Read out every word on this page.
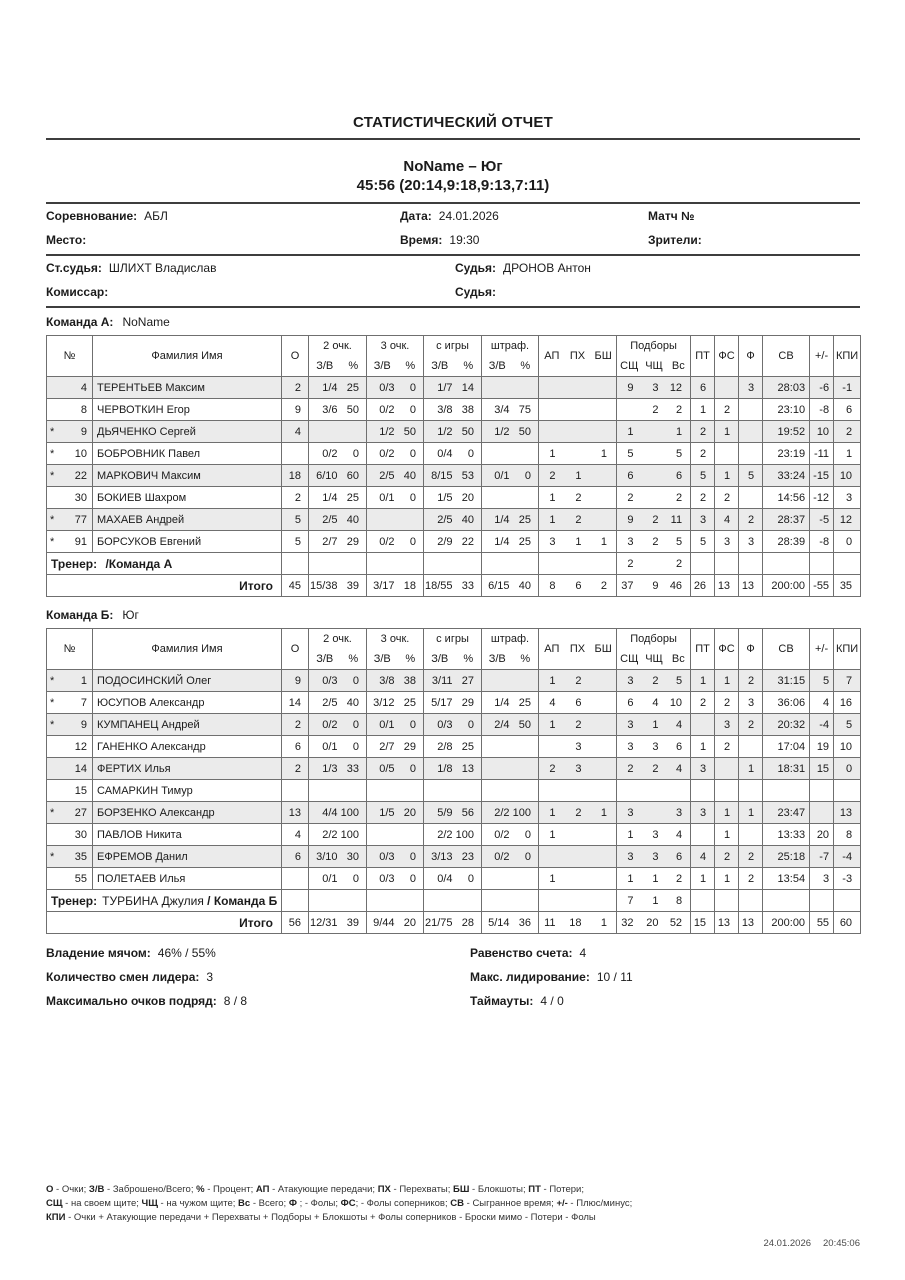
СТАТИСТИЧЕСКИЙ ОТЧЕТ
NoName – Юг
45:56 (20:14,9:18,9:13,7:11)
Соревнование: АБЛ	Дата: 24.01.2026	Матч №
Место:	Время: 19:30	Зрители:
Ст.судья: ШЛИХТ Владислав	Судья: ДРОНОВ Антон
Комиссар:	Судья:
Команда А: NoName
№	Фамилия Имя	О	2 очк.		3 очк.		с игры		штраф.		АП ПХ БШ			Подборы			ПТ	ФС	Ф	СВ	+/-	КПИ
			З/В	%	З/В	%	З/В	%	З/В	%				СЩ	ЧЩ	Вс						

4	ТЕРЕНТЬЕВ Максим	2	1/4	25	0/3	0	1/7	14						9	3	12	6		3	28:03	-6	-1

8	ЧЕРВОТКИН Егор	9	3/6	50	0/2	0	3/8	38	3/4	75					2	2	1	2		23:10	-8	6

* 9	ДЬЯЧЕНКО Сергей	4			1/2	50	1/2	50	1/2	50				1		1	2	1		19:52	10	2

* 10	БОБРОВНИК Павел		0/2	0	0/2	0	0/4	0			1		1	5		5	2			23:19	-11	1

* 22	МАРКОВИЧ Максим	18	6/10	60	2/5	40	8/15	53	0/1	0	2	1		6		6	5	1	5	33:24	-15	10

30	БОКИЕВ Шахром	2	1/4	25	0/1	0	1/5	20			1	2		2		2	2	2		14:56	-12	3

* 77	МАХАЕВ Андрей	5	2/5	40			2/5	40	1/4	25	1	2		9	2	11	3	4	2	28:37	-5	12

* 91	БОРСУКОВ Евгений	5	2/7	29	0/2	0	2/9	22	1/4	25	3	1	1	3	2	5	5	3	3	28:39	-8	0
Тренер: /Команда А														2		2						
Итого		45	15/38	39	3/17	18	18/55	33	6/15	40	8	6	2	37	9	46	26	13	13	200:00	-55	35
Команда Б: Юг
№	Фамилия Имя	О	2 очк.		3 очк.		с игры		штраф.		АП ПХ БШ			Подборы			ПТ	ФС	Ф	СВ	+/-	КПИ
			З/В	%	З/В	%	З/В	%	З/В	%				СЩ	ЧЩ	Вс						

* 1	ПОДОСИНСКИЙ Олег	9	0/3	0	3/8	38	3/11	27			1	2		3	2	5	1	1	2	31:15	5	7

* 7	ЮСУПОВ Александр	14	2/5	40	3/12	25	5/17	29	1/4	25	4	6		6	4	10	2	2	3	36:06	4	16

* 9	КУМПАНЕЦ Андрей	2	0/2	0	0/1	0	0/3	0	2/4	50	1	2		3	1	4		3	2	20:32	-4	5

12	ГАНЕНКО Александр	6	0/1	0	2/7	29	2/8	25				3		3	3	6	1	2		17:04	19	10

14	ФЕРТИХ Илья	2	1/3	33	0/5	0	1/8	13			2	3		2	2	4	3		1	18:31	15	0

15	САМАРКИН Тимур																					

* 27	БОРЗЕНКО Александр	13	4/4	100	1/5	20	5/9	56	2/2	100	1	2	1	3		3	3	1	1	23:47		13

30	ПАВЛОВ Никита	4	2/2	100			2/2	100	0/2	0	1			1	3	4		1		13:33	20	8

* 35	ЕФРЕМОВ Данил	6	3/10	30	0/3	0	3/13	23	0/2	0				3	3	6	4	2	2	25:18	-7	-4

55	ПОЛЕТАЕВ Илья		0/1	0	0/3	0	0/4	0			1			1	1	2	1	1	2	13:54	3	-3
Тренер: ТУРБИНА Джулия / Команда Б														7	1	8						
Итого		56	12/31	39	9/44	20	21/75	28	5/14	36	11	18	1	32	20	52	15	13	13	200:00	55	60
Владение мячом: 46% / 55%	Равенство счета: 4
Количество смен лидера: 3	Макс. лидирование: 10 / 11
Максимально очков подряд: 8 / 8	Таймауты: 4 / 0
О - Очки; З/В - Заброшено/Всего; % - Процент; АП - Атакующие передачи; ПХ - Перехваты; БШ - Блокшоты; ПТ - Потери;
СЩ - на своем щите; ЧЩ - на чужом щите; Вс - Всего; Ф ; - Фолы; ФС; - Фолы соперников; СВ - Сыгранное время; +/- - Плюс/минус;
КПИ - Очки + Атакующие передачи + Перехваты + Подборы + Блокшоты + Фолы соперников - Броски мимо - Потери - Фолы
24.01.2026 20:45:06
